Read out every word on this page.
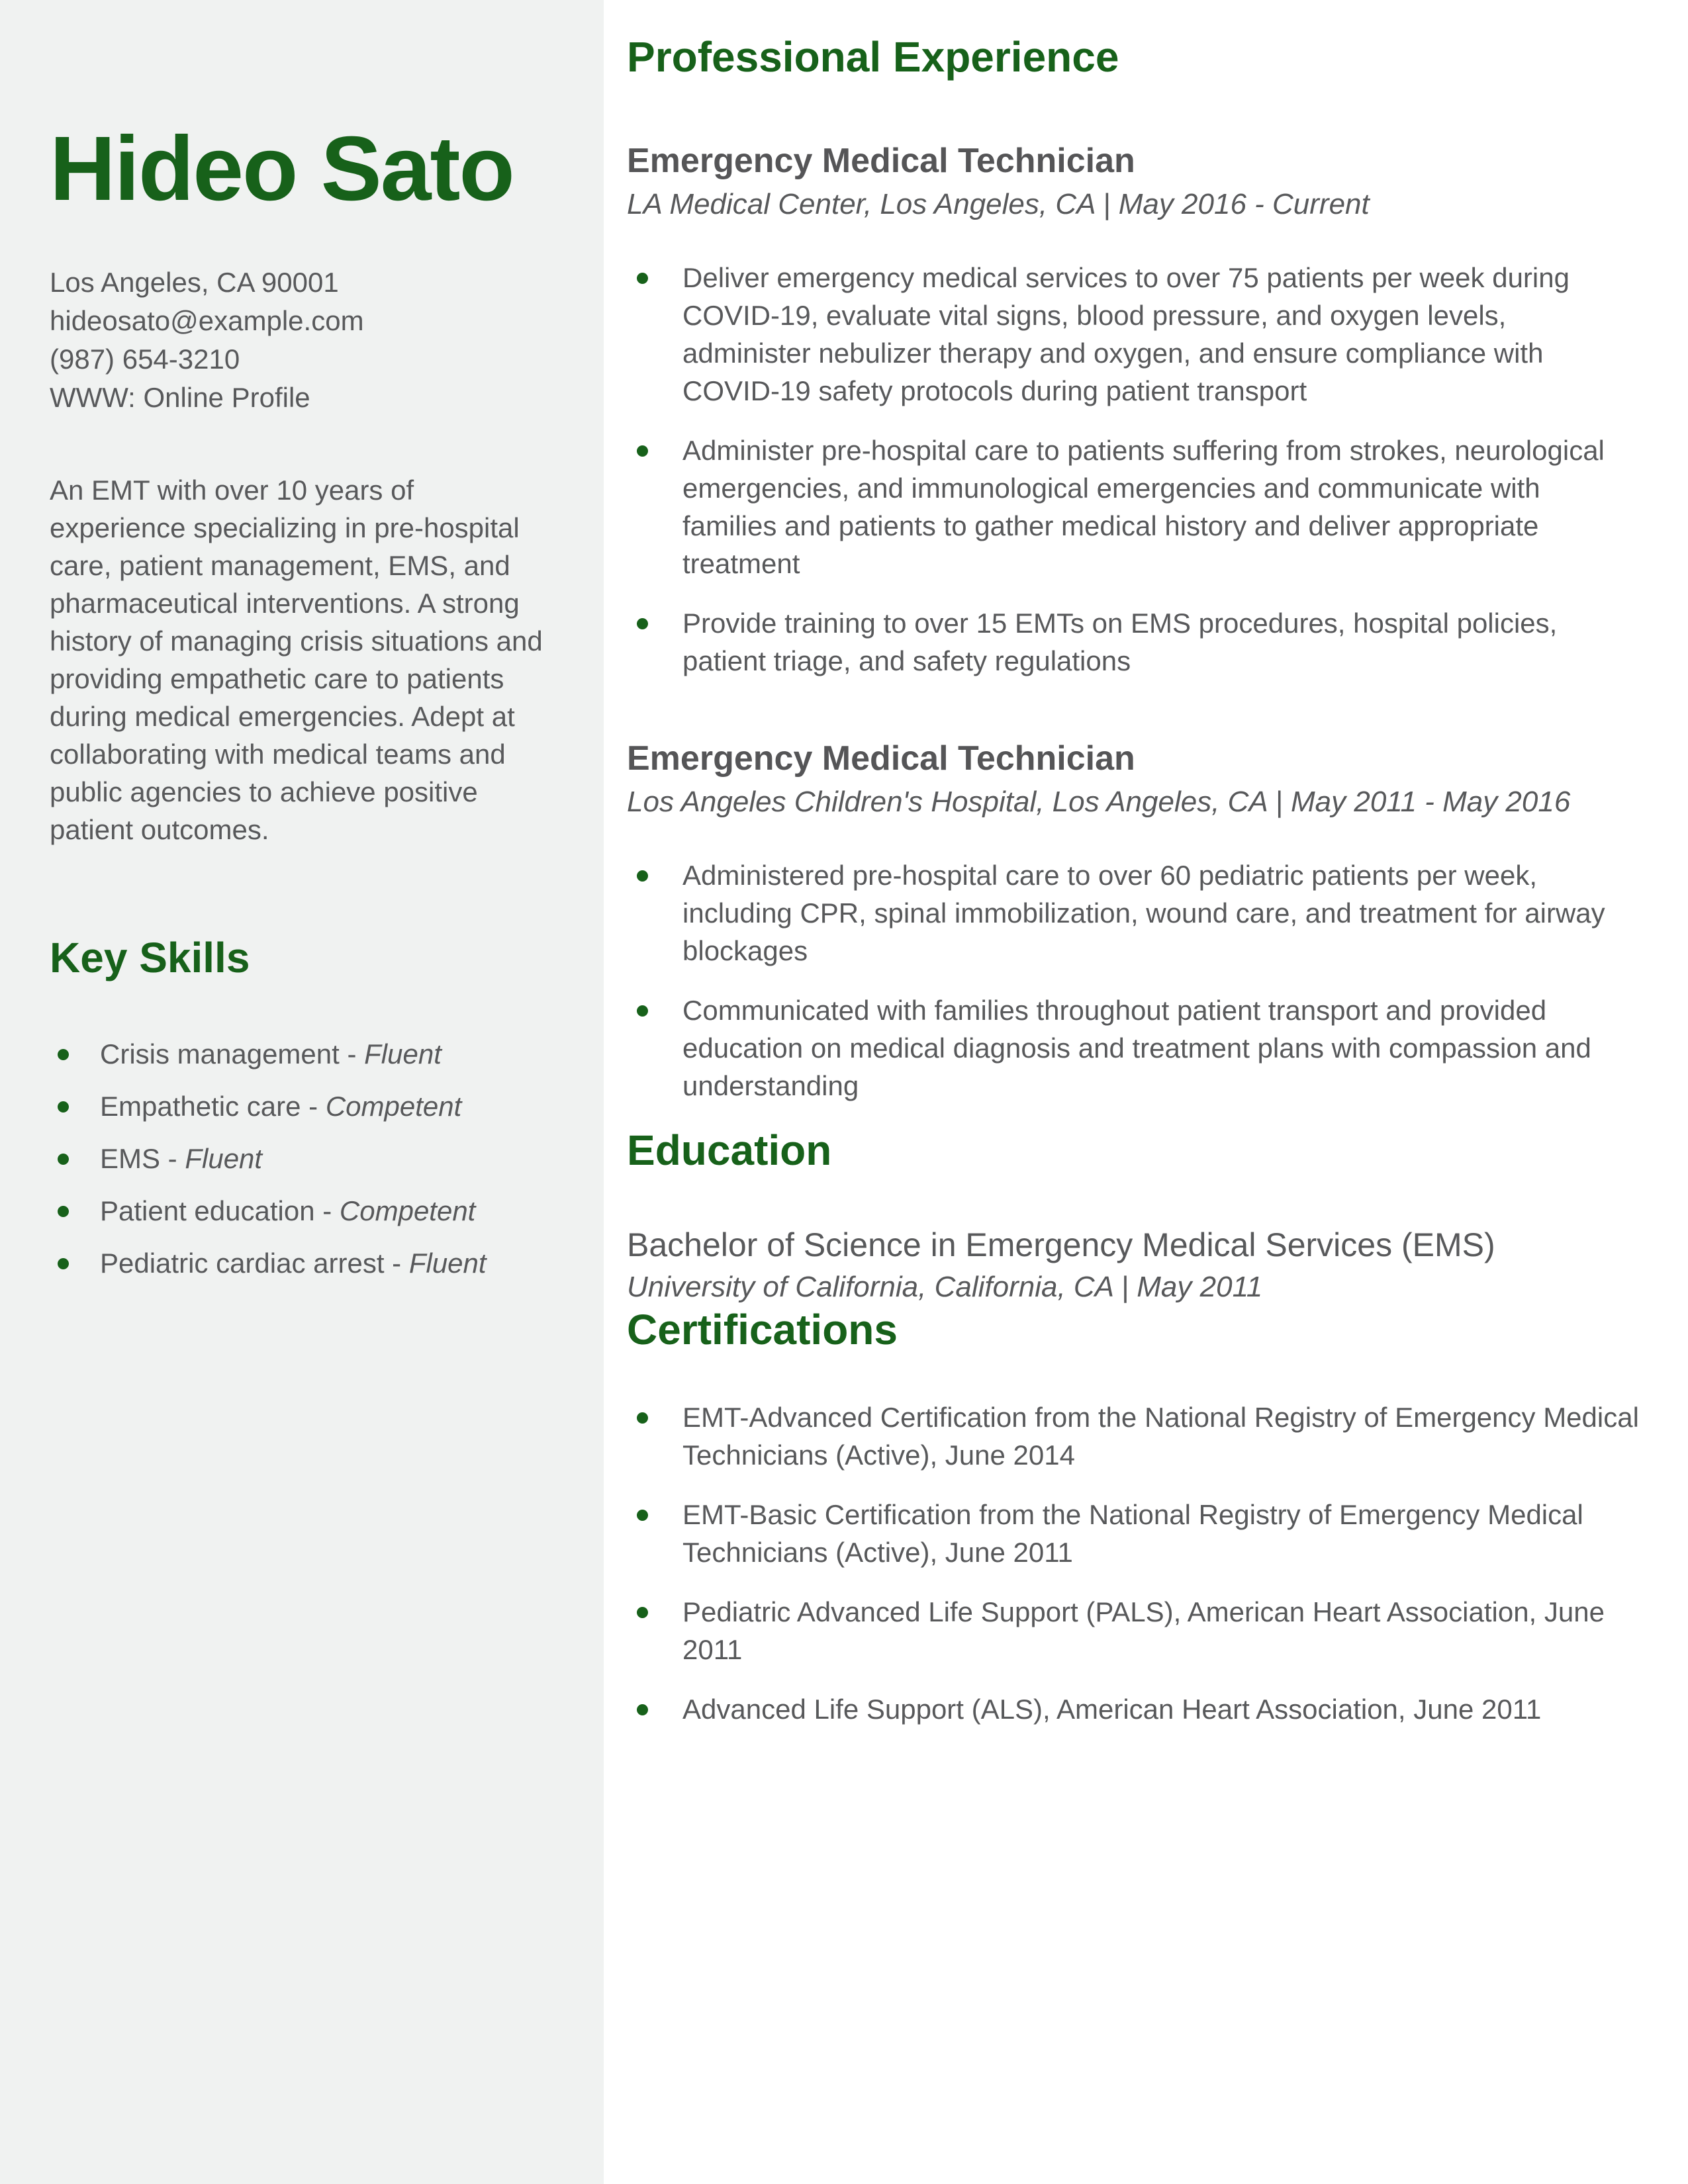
Hideo Sato
Los Angeles, CA 90001
hideosato@example.com
(987) 654-3210
WWW: Online Profile
An EMT with over 10 years of experience specializing in pre-hospital care, patient management, EMS, and pharmaceutical interventions. A strong history of managing crisis situations and providing empathetic care to patients during medical emergencies. Adept at collaborating with medical teams and public agencies to achieve positive patient outcomes.
Key Skills
Crisis management - Fluent
Empathetic care - Competent
EMS - Fluent
Patient education - Competent
Pediatric cardiac arrest - Fluent
Professional Experience
Emergency Medical Technician
LA Medical Center, Los Angeles, CA | May 2016 - Current
Deliver emergency medical services to over 75 patients per week during COVID-19, evaluate vital signs, blood pressure, and oxygen levels, administer nebulizer therapy and oxygen, and ensure compliance with COVID-19 safety protocols during patient transport
Administer pre-hospital care to patients suffering from strokes, neurological emergencies, and immunological emergencies and communicate with families and patients to gather medical history and deliver appropriate treatment
Provide training to over 15 EMTs on EMS procedures, hospital policies, patient triage, and safety regulations
Emergency Medical Technician
Los Angeles Children's Hospital, Los Angeles, CA | May 2011 - May 2016
Administered pre-hospital care to over 60 pediatric patients per week, including CPR, spinal immobilization, wound care, and treatment for airway blockages
Communicated with families throughout patient transport and provided education on medical diagnosis and treatment plans with compassion and understanding
Education
Bachelor of Science in Emergency Medical Services (EMS)
University of California, California, CA | May 2011
Certifications
EMT-Advanced Certification from the National Registry of Emergency Medical Technicians (Active), June 2014
EMT-Basic Certification from the National Registry of Emergency Medical Technicians (Active), June 2011
Pediatric Advanced Life Support (PALS), American Heart Association, June 2011
Advanced Life Support (ALS), American Heart Association, June 2011
